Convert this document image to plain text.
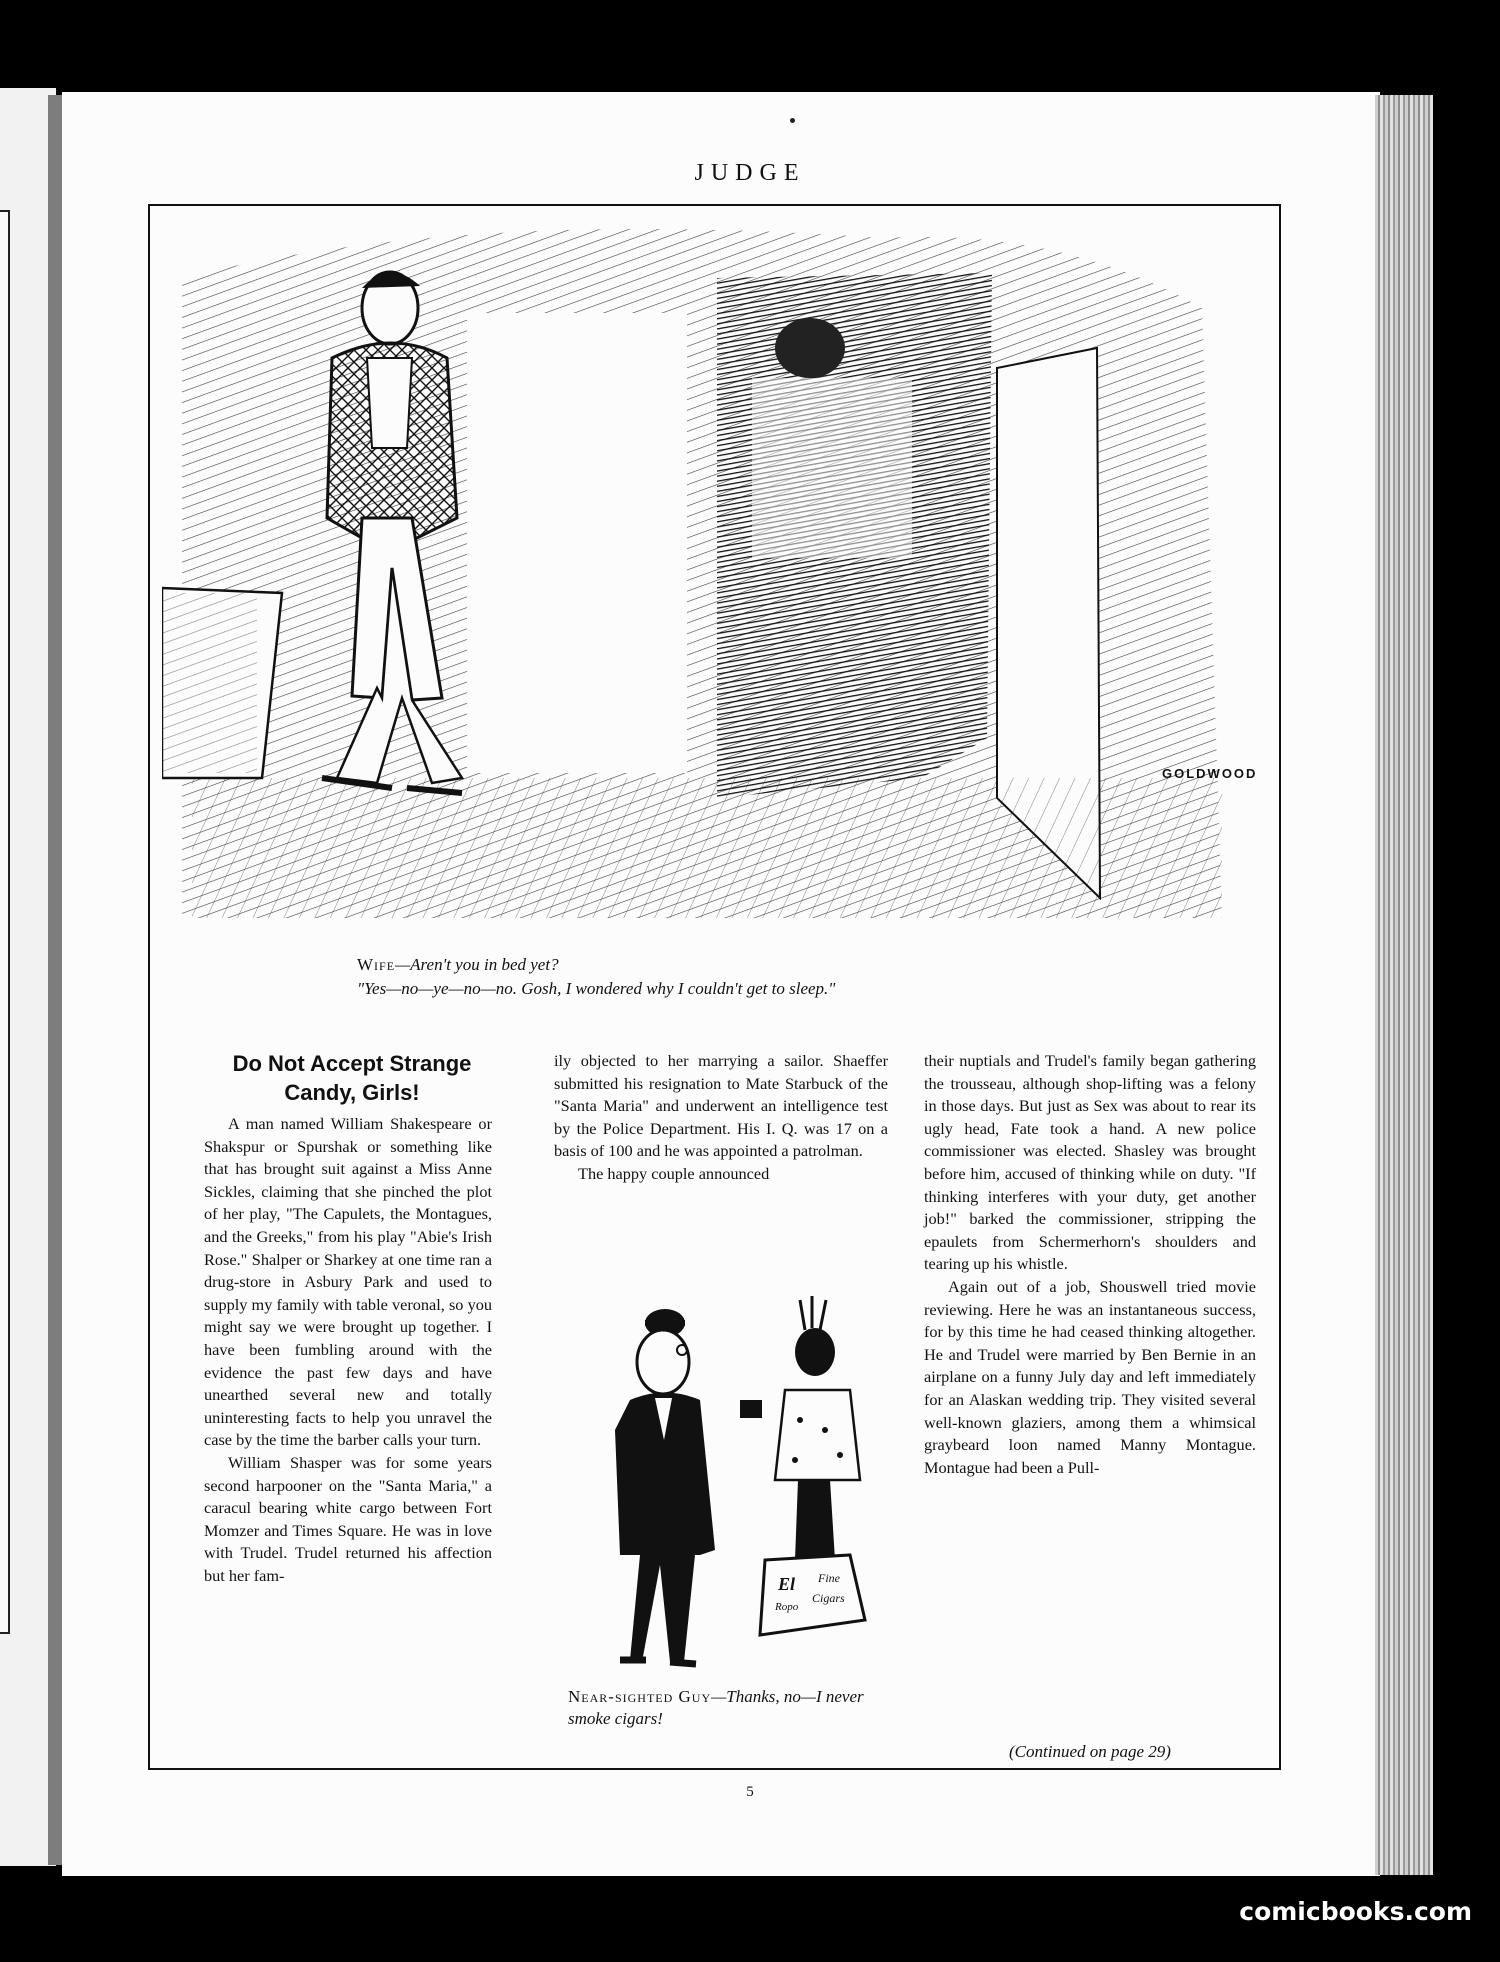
JUDGE
GOLDWOOD
Wife—Aren't you in bed yet?
"Yes—no—ye—no—no. Gosh, I wondered why I couldn't get to sleep."
Do Not Accept Strange Candy, Girls!

A man named William Shakespeare or Shakspur or Spurshak or something like that has brought suit against a Miss Anne Sickles, claiming that she pinched the plot of her play, "The Capulets, the Montagues, and the Greeks," from his play "Abie's Irish Rose." Shalper or Sharkey at one time ran a drug-store in Asbury Park and used to supply my family with table veronal, so you might say we were brought up together. I have been fumbling around with the evidence the past few days and have unearthed several new and totally uninteresting facts to help you unravel the case by the time the barber calls your turn.

William Shasper was for some years second harpooner on the "Santa Maria," a caracul bearing white cargo between Fort Momzer and Times Square. He was in love with Trudel. Trudel returned his affection but her fam-

ily objected to her marrying a sailor. Shaeffer submitted his resignation to Mate Starbuck of the "Santa Maria" and underwent an intelligence test by the Police Department. His I. Q. was 17 on a basis of 100 and he was appointed a patrolman.

The happy couple announced

El
Ropo
Fine
Cigars
Near-sighted Guy—Thanks, no—I never smoke cigars!

their nuptials and Trudel's family began gathering the trousseau, although shop-lifting was a felony in those days. But just as Sex was about to rear its ugly head, Fate took a hand. A new police commissioner was elected. Shasley was brought before him, accused of thinking while on duty. "If thinking interferes with your duty, get another job!" barked the commissioner, stripping the epaulets from Schermerhorn's shoulders and tearing up his whistle.

Again out of a job, Shouswell tried movie reviewing. Here he was an instantaneous success, for by this time he had ceased thinking altogether. He and Trudel were married by Ben Bernie in an airplane on a funny July day and left immediately for an Alaskan wedding trip. They visited several well-known glaziers, among them a whimsical graybeard loon named Manny Montague. Montague had been a Pull-

(Continued on page 29)
5
comicbooks.com
